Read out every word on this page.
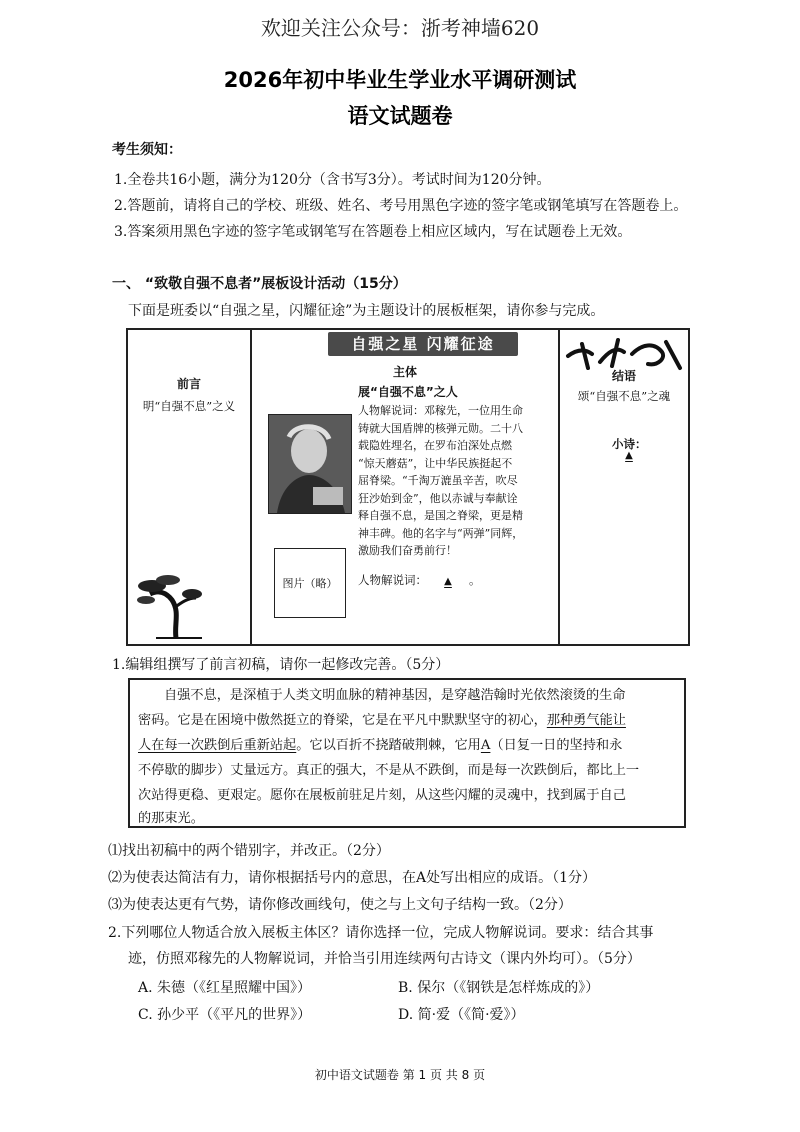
欢迎关注公众号：浙考神墙620
2026年初中毕业生学业水平调研测试
语文试题卷
考生须知：
1.全卷共16小题，满分为120分（含书写3分）。考试时间为120分钟。
2.答题前，请将自己的学校、班级、姓名、考号用黑色字迹的签字笔或钢笔填写在答题卷上。
3.答案须用黑色字迹的签字笔或钢笔写在答题卷上相应区域内，写在试题卷上无效。
一、 “致敬自强不息者”展板设计活动（15分）
下面是班委以“自强之星，闪耀征途”为主题设计的展板框架，请你参与完成。
前言
明“自强不息”之义
主体
展“自强不息”之人
人物解说词：邓稼先，一位用生命
铸就大国盾牌的核弹元勋。二十八
载隐姓埋名，在罗布泊深处点燃
“惊天蘑菇”，让中华民族挺起不
屈脊梁。“千淘万漉虽辛苦，吹尽
狂沙始到金”，他以赤诚与奉献诠
释自强不息，是国之脊梁，更是精
神丰碑。他的名字与“两弹”同辉，
激励我们奋勇前行！
人物解说词： ▲ 。
结语
颂“自强不息”之魂
小诗：
▲
自强之星 闪耀征途
图片（略）
1.编辑组撰写了前言初稿，请你一起修改完善。（5分）
自强不息，是深植于人类文明血脉的精神基因，是穿越浩翰时光依然滚烫的生命
密码。它是在困境中傲然挺立的脊梁，它是在平凡中默默坚守的初心，那种勇气能让
人在每一次跌倒后重新站起。它以百折不挠踏破荆棘，它用A（日复一日的坚持和永
不停歇的脚步）丈量远方。真正的强大，不是从不跌倒，而是每一次跌倒后，都比上一
次站得更稳、更艰定。愿你在展板前驻足片刻，从这些闪耀的灵魂中，找到属于自己
的那束光。
⑴找出初稿中的两个错别字，并改正。（2分）
⑵为使表达简洁有力，请你根据括号内的意思，在A处写出相应的成语。（1分）
⑶为使表达更有气势，请你修改画线句，使之与上文句子结构一致。（2分）
2.下列哪位人物适合放入展板主体区？请你选择一位，完成人物解说词。要求：结合其事
迹，仿照邓稼先的人物解说词，并恰当引用连续两句古诗文（课内外均可）。（5分）
A. 朱德（《红星照耀中国》）	B. 保尔（《钢铁是怎样炼成的》）
C. 孙少平（《平凡的世界》）	D. 简·爱（《简·爱》）
初中语文试题卷 第 1 页 共 8 页
